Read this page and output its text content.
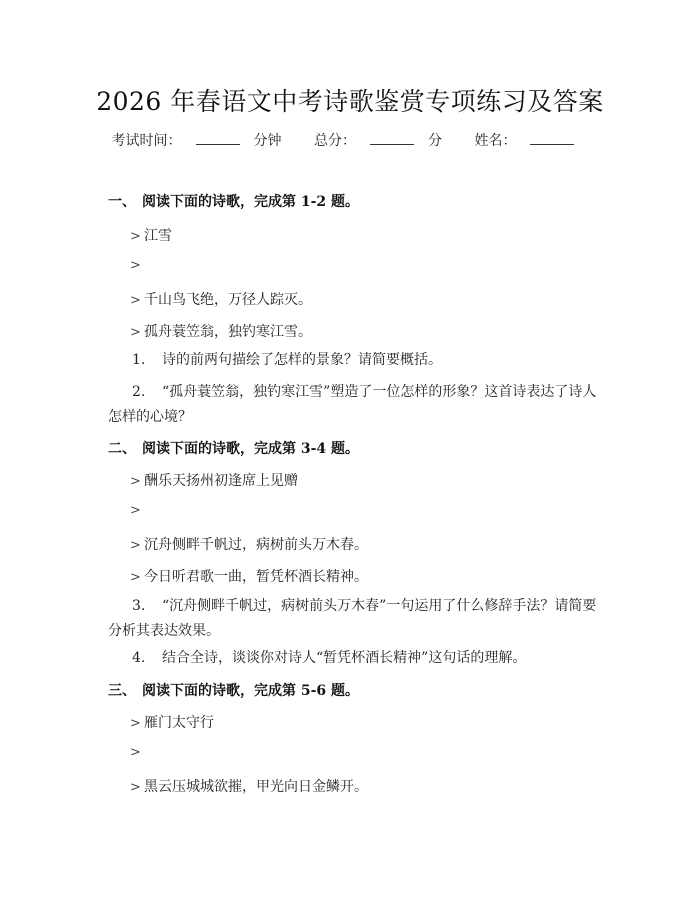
2026 年春语文中考诗歌鉴赏专项练习及答案
考试时间：	分钟 总分：	分 姓名：
一、 阅读下面的诗歌，完成第 1-2 题。
> 江雪
>
> 千山鸟飞绝，万径人踪灭。
> 孤舟蓑笠翁，独钓寒江雪。
1. 诗的前两句描绘了怎样的景象？请简要概括。
2. “孤舟蓑笠翁，独钓寒江雪”塑造了一位怎样的形象？这首诗表达了诗人怎样的心境？
二、 阅读下面的诗歌，完成第 3-4 题。
> 酬乐天扬州初逢席上见赠
>
> 沉舟侧畔千帆过，病树前头万木春。
> 今日听君歌一曲，暂凭杯酒长精神。
3. “沉舟侧畔千帆过，病树前头万木春”一句运用了什么修辞手法？请简要分析其表达效果。
4. 结合全诗，谈谈你对诗人“暂凭杯酒长精神”这句话的理解。
三、 阅读下面的诗歌，完成第 5-6 题。
> 雁门太守行
>
> 黑云压城城欲摧，甲光向日金鳞开。
